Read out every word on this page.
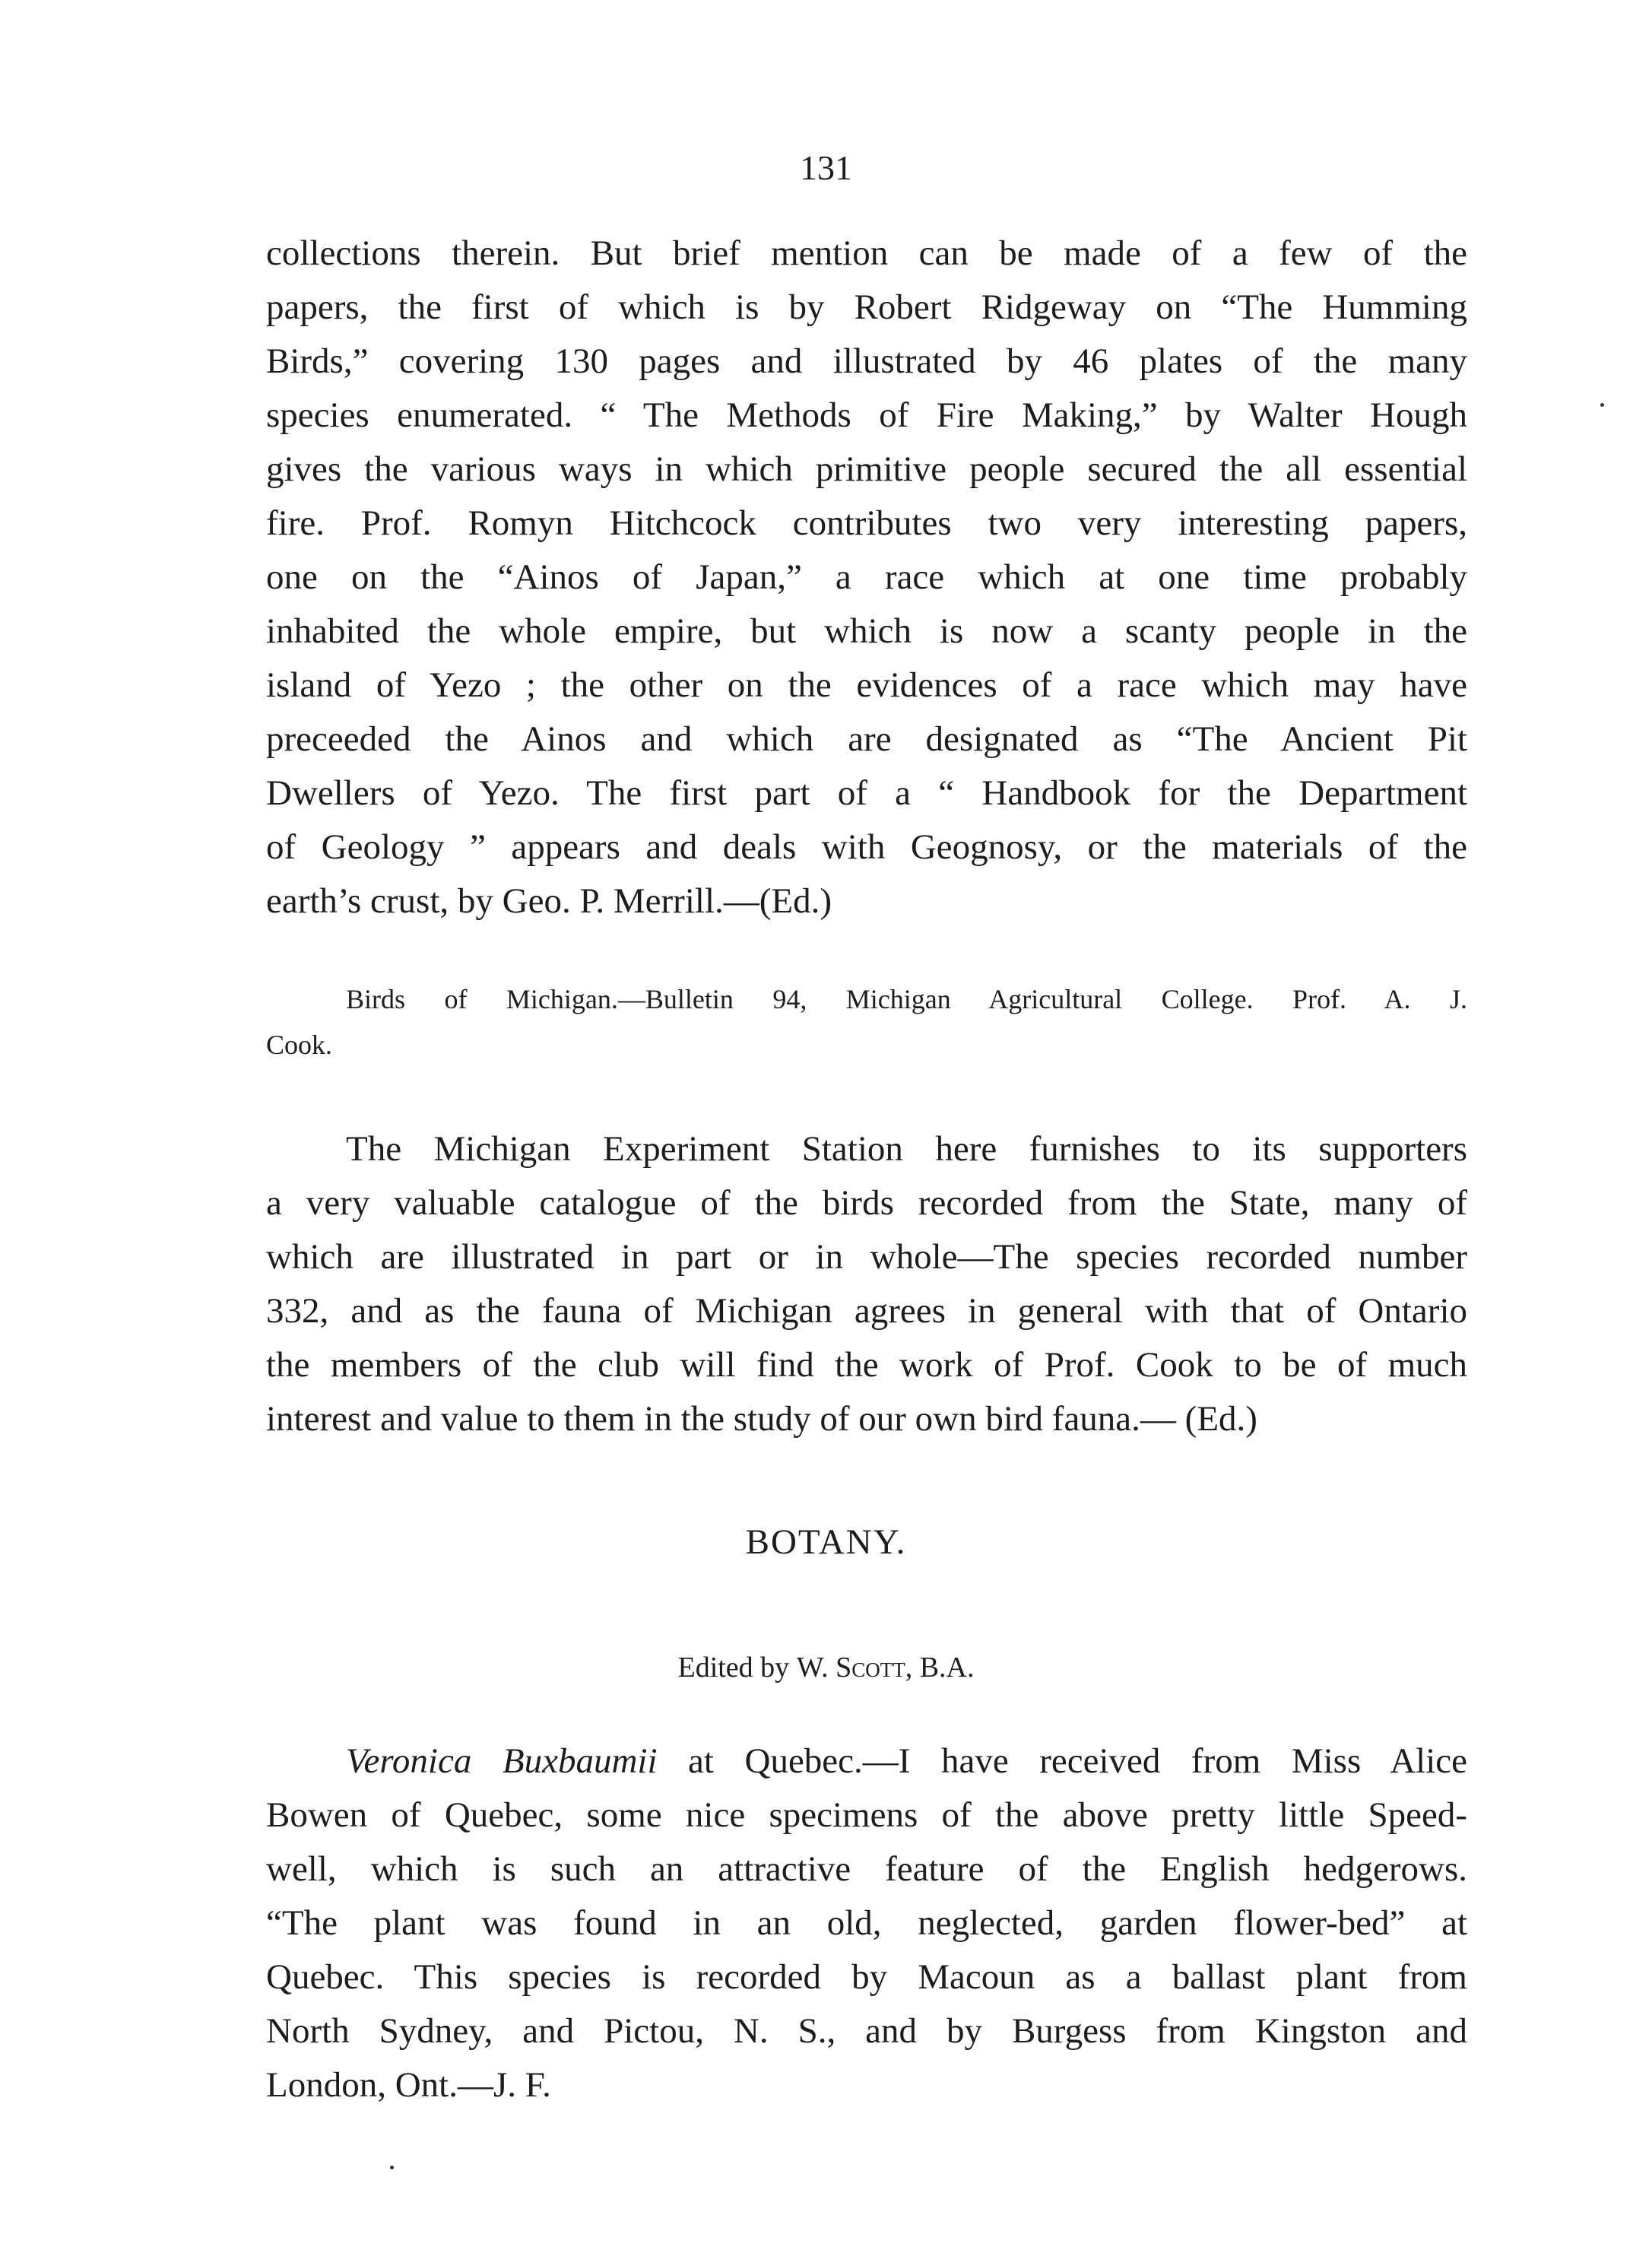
131
collections therein. But brief mention can be made of a few of the
papers, the first of which is by Robert Ridgeway on “The Humming
Birds,” covering 130 pages and illustrated by 46 plates of the many
species enumerated. “ The Methods of Fire Making,” by Walter Hough
gives the various ways in which primitive people secured the all essential
fire. Prof. Romyn Hitchcock contributes two very interesting papers,
one on the “Ainos of Japan,” a race which at one time probably
inhabited the whole empire, but which is now a scanty people in the
island of Yezo ; the other on the evidences of a race which may have
preceeded the Ainos and which are designated as “The Ancient Pit
Dwellers of Yezo. The first part of a “ Handbook for the Department
of Geology ” appears and deals with Geognosy, or the materials of the
earth’s crust, by Geo. P. Merrill.—(Ed.)
Birds of Michigan.—Bulletin 94, Michigan Agricultural College. Prof. A. J.
Cook.
The Michigan Experiment Station here furnishes to its supporters
a very valuable catalogue of the birds recorded from the State, many of
which are illustrated in part or in whole—The species recorded number
332, and as the fauna of Michigan agrees in general with that of Ontario
the members of the club will find the work of Prof. Cook to be of much
interest and value to them in the study of our own bird fauna.— (Ed.)
BOTANY.
Edited by W. Scott, B.A.
Veronica Buxbaumii at Quebec.—I have received from Miss Alice
Bowen of Quebec, some nice specimens of the above pretty little Speed-
well, which is such an attractive feature of the English hedgerows.
“The plant was found in an old, neglected, garden flower-bed” at
Quebec. This species is recorded by Macoun as a ballast plant from
North Sydney, and Pictou, N. S., and by Burgess from Kingston and
London, Ont.—J. F.
